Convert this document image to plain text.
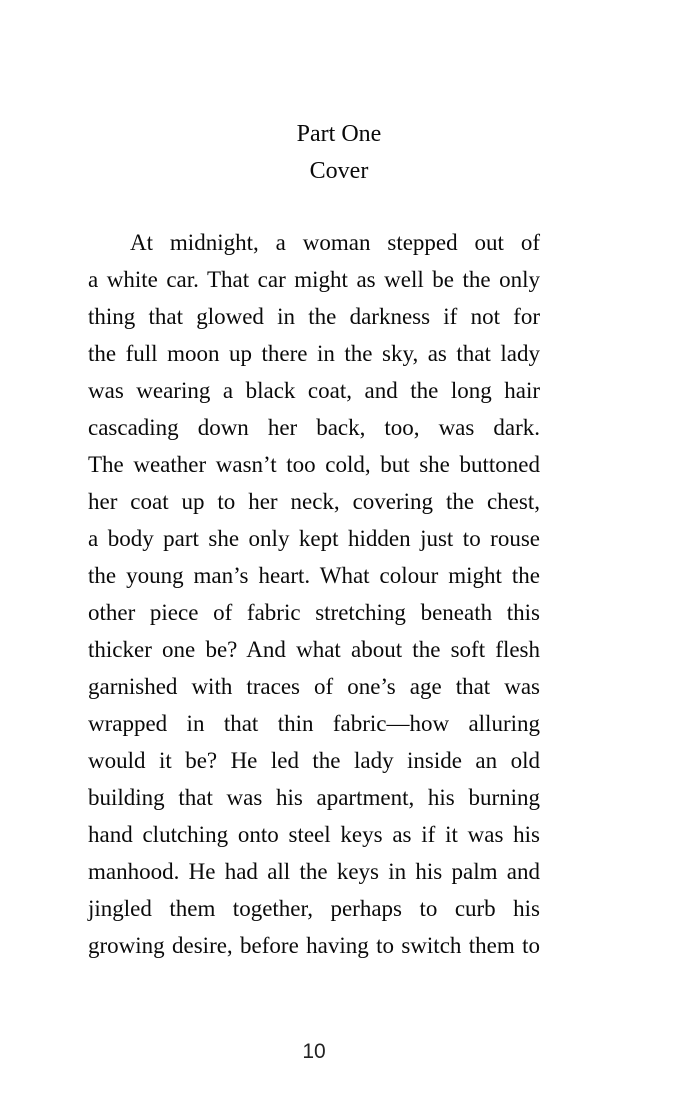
Part One
Cover
At midnight, a woman stepped out of
a white car. That car might as well be the only
thing that glowed in the darkness if not for
the full moon up there in the sky, as that lady
was wearing a black coat, and the long hair
cascading down her back, too, was dark.
The weather wasn’t too cold, but she buttoned
her coat up to her neck, covering the chest,
a body part she only kept hidden just to rouse
the young man’s heart. What colour might the
other piece of fabric stretching beneath this
thicker one be? And what about the soft flesh
garnished with traces of one’s age that was
wrapped in that thin fabric—how alluring
would it be? He led the lady inside an old
building that was his apartment, his burning
hand clutching onto steel keys as if it was his
manhood. He had all the keys in his palm and
jingled them together, perhaps to curb his
growing desire, before having to switch them to
10
